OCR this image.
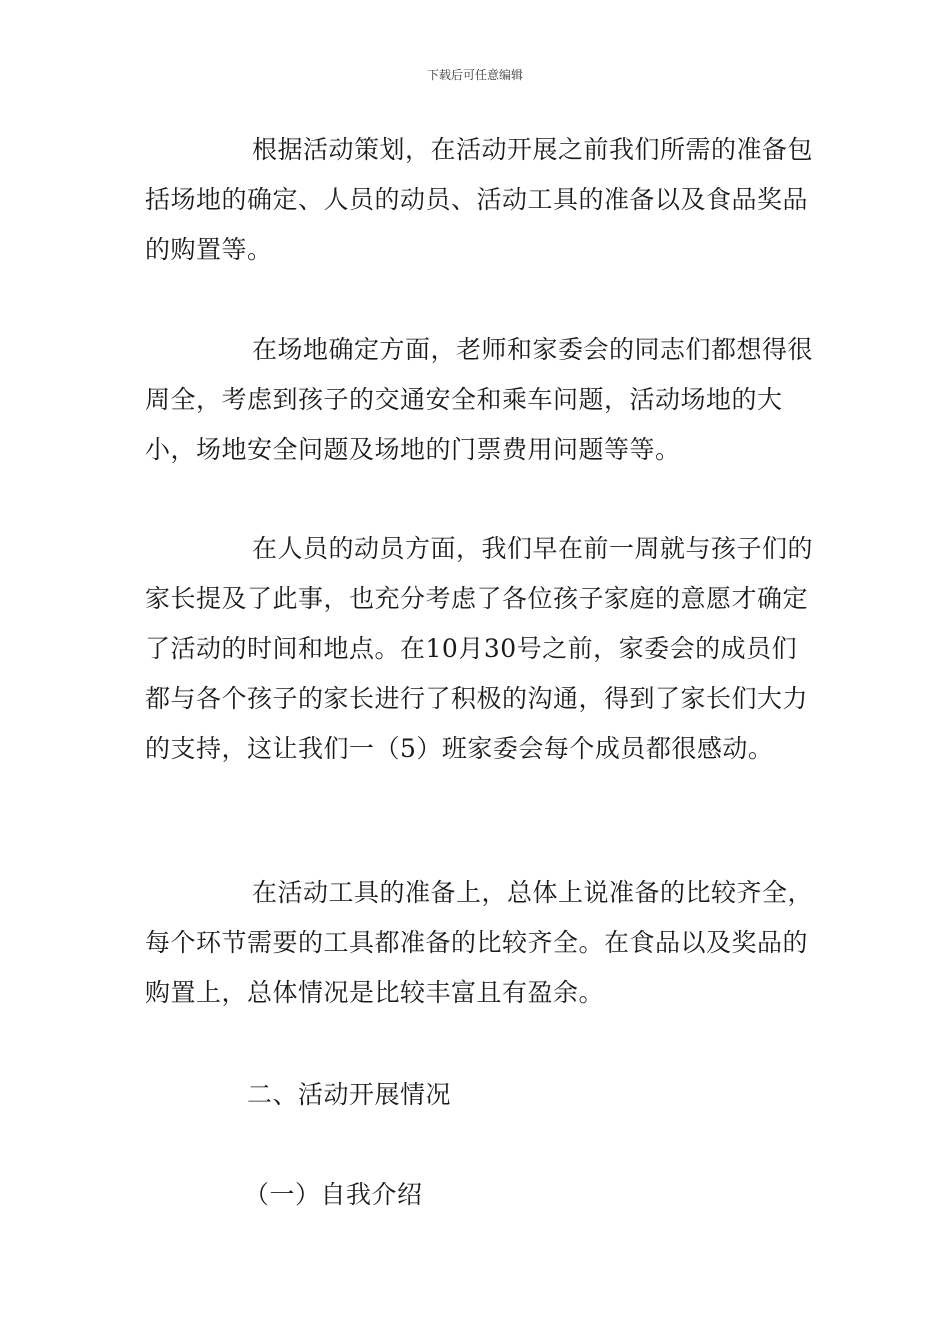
下载后可任意编辑

根据活动策划，在活动开展之前我们所需的准备包括场地的确定、人员的动员、活动工具的准备以及食品奖品的购置等。

在场地确定方面，老师和家委会的同志们都想得很周全，考虑到孩子的交通安全和乘车问题，活动场地的大小，场地安全问题及场地的门票费用问题等等。

在人员的动员方面，我们早在前一周就与孩子们的家长提及了此事，也充分考虑了各位孩子家庭的意愿才确定了活动的时间和地点。在10月30号之前，家委会的成员们都与各个孩子的家长进行了积极的沟通，得到了家长们大力的支持，这让我们一（5）班家委会每个成员都很感动。

在活动工具的准备上，总体上说准备的比较齐全，每个环节需要的工具都准备的比较齐全。在食品以及奖品的购置上，总体情况是比较丰富且有盈余。

二、活动开展情况

（一）自我介绍
